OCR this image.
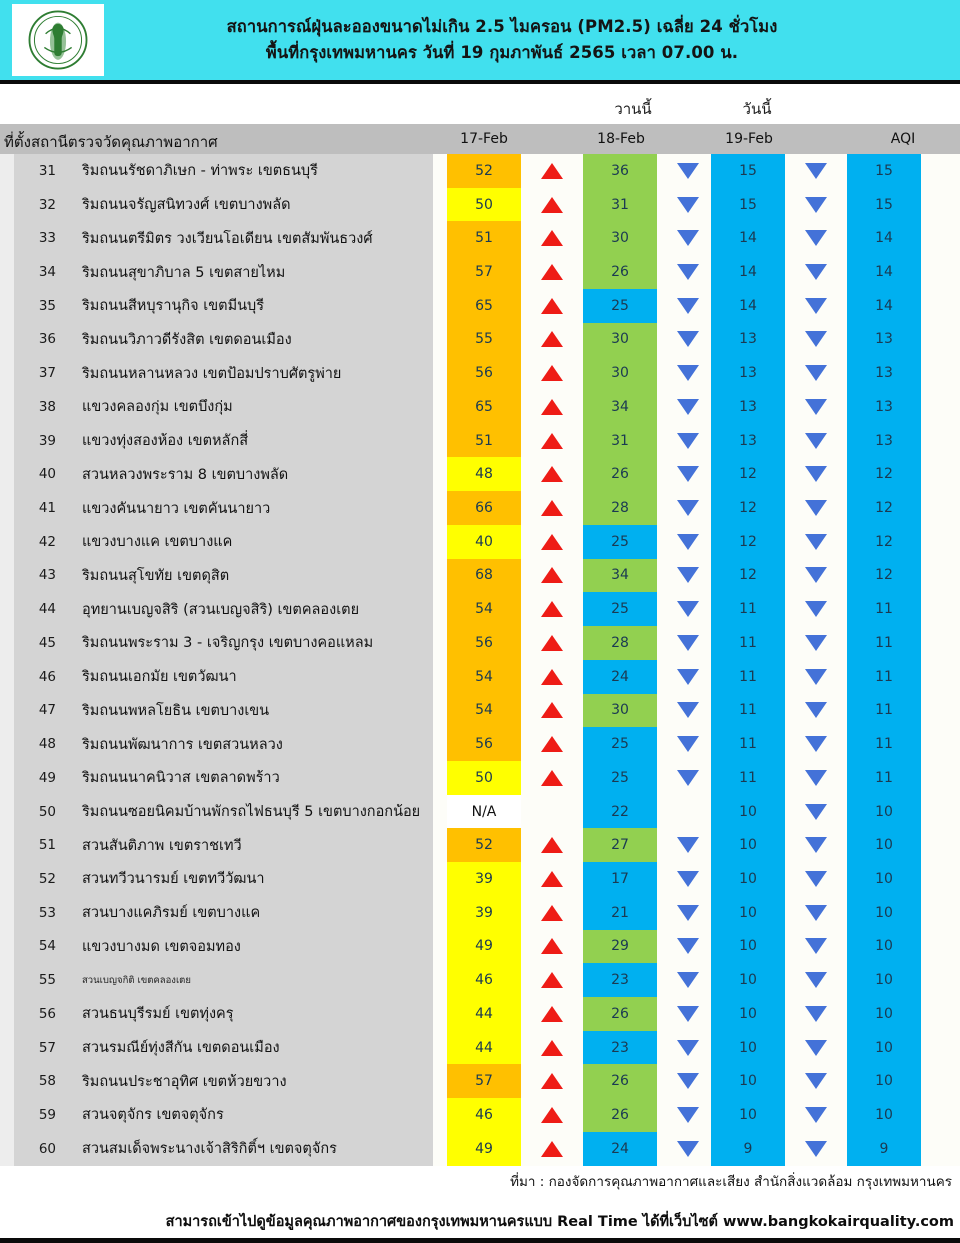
สถานการณ์ฝุ่นละอองขนาดไม่เกิน 2.5 ไมครอน (PM2.5) เฉลี่ย 24 ชั่วโมง
พื้นที่กรุงเทพมหานคร วันที่ 19 กุมภาพันธ์ 2565 เวลา 07.00 น.
วานนี้	วันนี้
ที่ตั้งสถานีตรวจวัดคุณภาพอากาศ	17-Feb	18-Feb	19-Feb	AQI
31 ริมถนนรัชดาภิเษก - ท่าพระ เขตธนบุรี	52	36	15	15
32 ริมถนนจรัญสนิทวงศ์ เขตบางพลัด	50	31	15	15
33 ริมถนนตรีมิตร วงเวียนโอเดียน เขตสัมพันธวงศ์	51	30	14	14
34 ริมถนนสุขาภิบาล 5 เขตสายไหม	57	26	14	14
35 ริมถนนสีหบุรานุกิจ เขตมีนบุรี	65	25	14	14
36 ริมถนนวิภาวดีรังสิต เขตดอนเมือง	55	30	13	13
37 ริมถนนหลานหลวง เขตป้อมปราบศัตรูพ่าย	56	30	13	13
38 แขวงคลองกุ่ม เขตบึงกุ่ม	65	34	13	13
39 แขวงทุ่งสองห้อง เขตหลักสี่	51	31	13	13
40 สวนหลวงพระราม 8 เขตบางพลัด	48	26	12	12
41 แขวงคันนายาว เขตคันนายาว	66	28	12	12
42 แขวงบางแค เขตบางแค	40	25	12	12
43 ริมถนนสุโขทัย เขตดุสิต	68	34	12	12
44 อุทยานเบญจสิริ (สวนเบญจสิริ) เขตคลองเตย	54	25	11	11
45 ริมถนนพระราม 3 - เจริญกรุง เขตบางคอแหลม	56	28	11	11
46 ริมถนนเอกมัย เขตวัฒนา	54	24	11	11
47 ริมถนนพหลโยธิน เขตบางเขน	54	30	11	11
48 ริมถนนพัฒนาการ เขตสวนหลวง	56	25	11	11
49 ริมถนนนาคนิวาส เขตลาดพร้าว	50	25	11	11
50 ริมถนนซอยนิคมบ้านพักรถไฟธนบุรี 5 เขตบางกอกน้อย	N/A	22	10	10
51 สวนสันติภาพ เขตราชเทวี	52	27	10	10
52 สวนทวีวนารมย์ เขตทวีวัฒนา	39	17	10	10
53 สวนบางแคภิรมย์ เขตบางแค	39	21	10	10
54 แขวงบางมด เขตจอมทอง	49	29	10	10
55	สวนเบญจกิติ เขตคลองเตย	46	23	10	10
56 สวนธนบุรีรมย์ เขตทุ่งครุ	44	26	10	10
57 สวนรมณีย์ทุ่งสีกัน เขตดอนเมือง	44	23	10	10
58 ริมถนนประชาอุทิศ เขตห้วยขวาง	57	26	10	10
59 สวนจตุจักร เขตจตุจักร	46	26	10	10
60 สวนสมเด็จพระนางเจ้าสิริกิติ์ฯ เขตจตุจักร	49	24	9	9
ที่มา : กองจัดการคุณภาพอากาศและเสียง สำนักสิ่งแวดล้อม กรุงเทพมหานคร
สามารถเข้าไปดูข้อมูลคุณภาพอากาศของกรุงเทพมหานครแบบ Real Time ได้ที่เว็บไซต์ www.bangkokairquality.com
